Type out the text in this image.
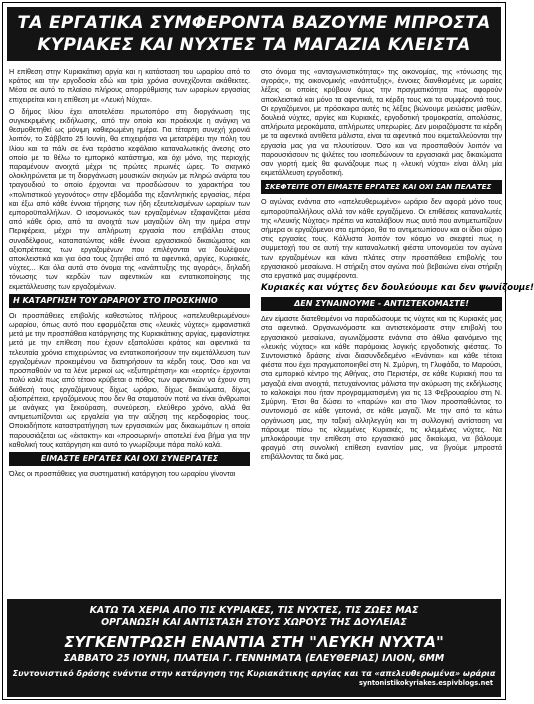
ΤΑ ΕΡΓΑΤΙΚΑ ΣΥΜΦΕΡΟΝΤΑ ΒΑΖΟΥΜΕ ΜΠΡΟΣΤΑ
ΚΥΡΙΑΚΕΣ ΚΑΙ ΝΥΧΤΕΣ ΤΑ ΜΑΓΑΖΙΑ ΚΛΕΙΣΤΑ

Η επίθεση στην Κυριακάτικη αργία και η κατάσταση του ωραρίου από το κράτος και την εργοδοσία εδώ και τρία χρόνια συνεχίζονται ακάθεκτες. Μέσα σε αυτό το πλαίσιο πλήρους απορρύθμισης των ωραρίων εργασίας επιχειρείται και η επίθεση με «Λευκή Νύχτα».

Ο δήμος Ιλίου έχει αποτελέσει πρωτοπόρο στη διοργάνωση της συγκεκριμένης εκδήλωσης, από την οποία και προέκυψε η ανάγκη να θεσμοθετηθεί ως μόνιμη καθιερωμένη ημέρα. Για τέταρτη συνεχή χρονιά λοιπόν, το Σάββατο 25 Ιουνίη, θα επιχειρήσει να μετατρέψει την πόλη του Ιλίου και τα πάλι σε ένα τεράστιο κεφάλαιο καταναλωτικής άνεσης στο οποίο με το θέλω το εμπορικό κατάστημα, και όχι μόνο, της περιοχής παραμένουν ανοιχτά μέχρι τις πρώτες πρωινές ώρες. Το σκηνικό ολοκληρώνεται με τη διοργάνωση μουσικών σκηνών με πληρώ ανάρτα του τραγουδιού το οποίο έρχονται να προσδώσουν το χαρακτήρα του «πολιτιστικού γεγονότος» στην εβδομάδα της εξαντλητικής εργασίας, πέρα και έξω από κάθε έννοια τήρησης των ήδη εξευτελισμένων ωραρίων των εμποροϋπαλλήλων. Ο ισομονωκός των εργαζομένων εξαφανίζεται μέσα από κάθε όριο, από τα ανοιχτά των μαγαζιών όλη την ημέρα στην Περιφέρεια, μέχρι την απλήρωτη εργασία που επιβάλλει στους συναδέλφους, καταπατώντας κάθε έννοια εργασιακού δικαιώματος και αξιοπρέπειας των εργαζομένων που επιλέγονται να δουλέψουν αποκλειστικά και για όσα τους ζητηθεί από τα αφεντικά, αργίες, Κυριακές, νύχτες... Και όλα αυτά στο όνομα της «ανάπτυξης της αγοράς», δηλαδή τόνωσης των κερδών των αφεντικών και εντατικοποίησης της εκμετάλλευσης των εργαζομένων.

Η ΚΑΤΑΡΓΗΣΗ ΤΟΥ ΩΡΑΡΙΟΥ ΣΤΟ ΠΡΟΣΚΗΝΙΟ

Οι προσπάθειες επιβολής καθεστώτος πλήρους «απελευθερωμένου» ωραρίου, όπως αυτό που εφαρμόζεται στις «λευκές νύχτες» εμφανιστικά μετά με την προσπάθεια κατάργησης της Κυριακάτικης αργίας, εμφανίστηκε μετά με την επίθεση που έχουν εξαπολύσει κράτος και αφεντικά τα τελευταία χρόνια επιχειρώντας να εντατικοποιήσουν την εκμετάλλευση των εργαζομένων προκειμένου να διατηρήσουν τα κέρδη τους. Όσο και να προσπαθούν να τα λένε μερικοί ως «εξυπηρέτηση» και «εορτές» έρχονται πολύ καλά πως από τέτοιο κρύβεται ο πόθος των αφεντικών να έχουν στη διάθεσή τους εργαζόμενους δίχως ωράριο, δίχως δικαιώματα, δίχως αξιοπρέπεια, εργαζόμενους που δεν θα σταματούν ποτέ να είναι άνθρωποι με ανάγκες για ξεκούραση, συνεύρεση, ελεύθερο χρόνο, αλλά θα αντιμετωπίζονται ως εργαλεία για την αύξηση της κερδοφορίας τους. Οποιαδήποτε καταστρατήγηση των εργασιακών μας δικαιωμάτων η οποία παρουσιάζεται ως «έκτακτη» και «προσωρινή» αποτελεί ένα βήμα για την καθολική τους κατάργηση και αυτό το γνωρίζουμε πάρα πολύ καλά.

ΕΙΜΑΣΤΕ ΕΡΓΑΤΕΣ ΚΑΙ ΟΧΙ ΣΥΝΕΡΓΑΤΕΣ

Όλες οι προσπάθειες για συστηματική κατάργηση του ωραρίου γίνονται

στο όνομα της «ανταγωνιστικότητας» της οικονομίας, της «τόνωσης της αγοράς», της οικονομικής «ανάπτυξης», έννοιες διανθισμένες με ωραίες λέξεις οι οποίες κρύβουν όμως την πραγματικότητα πως αφορούν αποκλειστικά και μόνο τα αφεντικά, τα κέρδη τους και τα συμφέροντά τους. Οι εργαζόμενοι, με πρόσκαιρα αυτές τις λέξεις βιώνουμε μειώσεις μισθών, δουλειά νύχτες, αργίες και Κυριακές, εργοδοτική τρομοκρατία, απολύσεις, απλήρωτα μεροκάματα, απλήρωτες υπερωρίες. Δεν μοιραζόμαστε τα κέρδη με τα αφεντικά αντίθετα μάλιστα, είναι τα αφεντικά που εκμεταλλεύονται την εργασία μας για να πλουτίσουν. Όσο και να προσπαθούν λοιπόν να παρουσιάσουν τις ψιλέτες του ισοπεδώνουν τα εργασιακά μας δικαιώματα σαν γιορτή εμείς θα φωνάζουμε πως η «λευκή νύχτα» είναι άλλη μία εκμετάλλευση εργοδοτική.

ΣΚΕΦΤΕΙΤΕ ΟΤΙ ΕΙΜΑΣΤΕ ΕΡΓΑΤΕΣ ΚΑΙ ΟΧΙ ΣΑΝ ΠΕΛΑΤΕΣ

Ο αγώνας ενάντια στο «απελευθερωμένο» ωράριο δεν αφορά μόνο τους εμποροϋπαλλήλους αλλά τον κάθε εργαζόμενο. Οι επιθέσεις καταναλωτές της «Λευκής Νύχτας» πρέπει να καταλάβουν πως αυτό που αντιμετωπίζουν σήμερα οι εργαζόμενοι στο εμπόριο, θα το αντιμετωπίσουν και οι ίδιοι αύριο στις εργασίες τους. Κάλλιστα λοιπόν τον κόσμο να σκεφτεί πως η συμμετοχή του σε αυτή την καταναλωτική φιέστα υπονομεύει τον αγώνα των εργαζομένων και κάνει πλάτες στην προσπάθεια επιβολής του εργασιακού μεσαίωνα. Η στήριξη στον αγώνα πού βεβαιώνει είναι στήριξη στα εργατικά μας συμφέροντα.

Κυριακές και νύχτες δεν δουλεύουμε και δεν ψωνίζουμε!
ΔΕΝ ΣΥΝΑΙΝΟΥΜΕ - ΑΝΤΙΣΤΕΚΟΜΑΣΤΕ!

Δεν είμαστε διατεθειμένοι να παραδώσουμε τις νύχτες και τις Κυριακές μας στα αφεντικά. Οργανωνόμαστε και αντιστεκόμαστε στην επιβολή του εργασιακού μεσαίωνα, αγωνιζόμαστε ενάντια στο άθλιο φαινόμενο της «λευκής νύχτας» και κάθε παρόμοιας λογικής εργοδοτικής φιέστας. Το Συντονιστικό δράσης είναι διασυνδεδεμένο «Ενάντια» και κάθε τέτοια φιέστα που έχει πραγματοποιηθεί στη Ν. Σμύρνη, τη Γλυφάδα, το Μαρούσι, στα εμπορικό κέντρο της Αθήνας, στο Περιστέρι, σε κάθε Κυριακή που τα μαγαζιά είναι ανοιχτά, πετυχαίνοντας μάλιστα την ακύρωση της εκδήλωσης το καλοκαίρι που ήταν προγραμματισμένη για τις 13 Φεβρουαρίου στη Ν. Σμύρνη. Έτσι θα δώσει το «παρών» και στο Ίλιον προσπαθώντας το συντονισμό σε κάθε γειτονιά, σε κάθε μαγαζί. Με την από τα κάτω οργάνωση μας, την ταξική αλληλεγγύη και τη συλλογική αντίσταση να πάρουμε πίσω τις κλεμμένες Κυριακές, τις κλεμμένες νύχτες. Να μπλοκάρουμε την επίθεση στο εργασιακό μας δικαίωμα, να βάλουμε φραγμό στη συνολική επίθεση εναντίον μας, να βγούμε μπροστά επιβάλλοντας τα δικά μας.

ΚΑΤΩ ΤΑ ΧΕΡΙΑ ΑΠΟ ΤΙΣ ΚΥΡΙΑΚΕΣ, ΤΙΣ ΝΥΧΤΕΣ, ΤΙΣ ΖΩΕΣ ΜΑΣ
ΟΡΓΑΝΩΣΗ ΚΑΙ ΑΝΤΙΣΤΑΣΗ ΣΤΟΥΣ ΧΩΡΟΥΣ ΤΗΣ ΔΟΥΛΕΙΑΣ
ΣΥΓΚΕΝΤΡΩΣΗ ΕΝΑΝΤΙΑ ΣΤΗ "ΛΕΥΚΗ ΝΥΧΤΑ"
ΣΑΒΒΑΤΟ 25 ΙΟΥΝΗ, ΠΛΑΤΕΙΑ Γ. ΓΕΝΝΗΜΑΤΑ (ΕΛΕΥΘΕΡΙΑΣ) ΙΛΙΟΝ, 6ΜΜ
Συντονιστικό δράσης ενάντια στην κατάργηση της Κυριακάτικης αργίας και τα «απελευθερωμένα» ωράρια
syntonistikokyriakes.espivblogs.net
